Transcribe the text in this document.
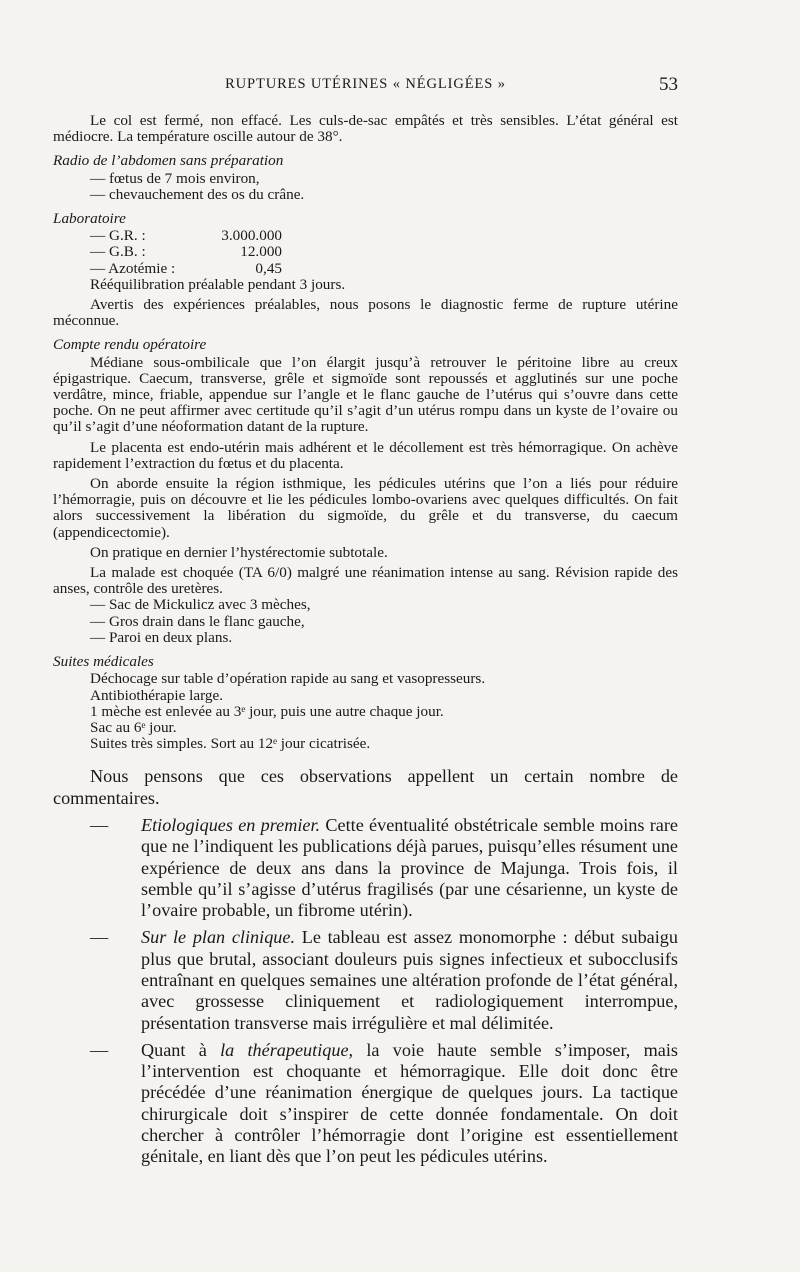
RUPTURES UTÉRINES « NÉGLIGÉES »	53

Le col est fermé, non effacé. Les culs-de-sac empâtés et très sensibles. L’état général est médiocre. La température oscille autour de 38°.

Radio de l’abdomen sans préparation

— fœtus de 7 mois environ,

— chevauchement des os du crâne.

Laboratoire

— G.R. :	3.000.000

— G.B. :	12.000

— Azotémie :	0,45

Rééquilibration préalable pendant 3 jours.

Avertis des expériences préalables, nous posons le diagnostic ferme de rupture utérine méconnue.

Compte rendu opératoire

Médiane sous-ombilicale que l’on élargit jusqu’à retrouver le péritoine libre au creux épigastrique. Caecum, transverse, grêle et sigmoïde sont repoussés et agglutinés sur une poche verdâtre, mince, friable, appendue sur l’angle et le flanc gauche de l’utérus qui s’ouvre dans cette poche. On ne peut affirmer avec certitude qu’il s’agit d’un utérus rompu dans un kyste de l’ovaire ou qu’il s’agit d’une néoformation datant de la rupture.

Le placenta est endo-utérin mais adhérent et le décollement est très hémorragique. On achève rapidement l’extraction du fœtus et du placenta.

On aborde ensuite la région isthmique, les pédicules utérins que l’on a liés pour réduire l’hémorragie, puis on découvre et lie les pédicules lombo-ovariens avec quelques difficultés. On fait alors successivement la libération du sigmoïde, du grêle et du transverse, du caecum (appendicectomie).

On pratique en dernier l’hystérectomie subtotale.

La malade est choquée (TA 6/0) malgré une réanimation intense au sang. Révision rapide des anses, contrôle des uretères.

— Sac de Mickulicz avec 3 mèches,

— Gros drain dans le flanc gauche,

— Paroi en deux plans.

Suites médicales

Déchocage sur table d’opération rapide au sang et vasopresseurs.

Antibiothérapie large.

1 mèche est enlevée au 3ᵉ jour, puis une autre chaque jour.

Sac au 6ᵉ jour.

Suites très simples. Sort au 12ᵉ jour cicatrisée.

Nous pensons que ces observations appellent un certain nombre de commentaires.

— Etiologiques en premier. Cette éventualité obstétricale semble moins rare que ne l’indiquent les publications déjà parues, puisqu’elles résument une expérience de deux ans dans la province de Majunga. Trois fois, il semble qu’il s’agisse d’utérus fragilisés (par une césarienne, un kyste de l’ovaire probable, un fibrome utérin).

— Sur le plan clinique. Le tableau est assez monomorphe : début subaigu plus que brutal, associant douleurs puis signes infectieux et subocclusifs entraînant en quelques semaines une altération profonde de l’état général, avec grossesse cliniquement et radiologiquement interrompue, présentation transverse mais irrégulière et mal délimitée.

— Quant à la thérapeutique, la voie haute semble s’imposer, mais l’intervention est choquante et hémorragique. Elle doit donc être précédée d’une réanimation énergique de quelques jours. La tactique chirurgicale doit s’inspirer de cette donnée fondamentale. On doit chercher à contrôler l’hémorragie dont l’origine est essentiellement génitale, en liant dès que l’on peut les pédicules utérins.
